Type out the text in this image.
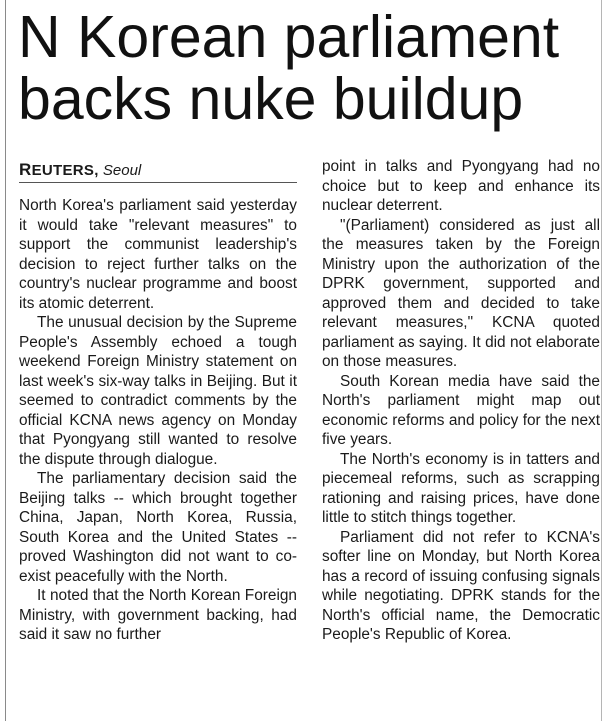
N Korean parliament
backs nuke buildup
REUTERS, Seoul

North Korea's parliament said yesterday it would take "relevant measures" to support the communist leadership's decision to reject further talks on the country's nuclear programme and boost its atomic deterrent.

The unusual decision by the Supreme People's Assembly echoed a tough weekend Foreign Ministry statement on last week's six-way talks in Beijing. But it seemed to contradict comments by the official KCNA news agency on Monday that Pyongyang still wanted to resolve the dispute through dialogue.

The parliamentary decision said the Beijing talks -- which brought together China, Japan, North Korea, Russia, South Korea and the United States -- proved Washington did not want to co-exist peacefully with the North.

It noted that the North Korean Foreign Ministry, with government backing, had said it saw no further

point in talks and Pyongyang had no choice but to keep and enhance its nuclear deterrent.

"(Parliament) considered as just all the measures taken by the Foreign Ministry upon the authorization of the DPRK government, supported and approved them and decided to take relevant measures," KCNA quoted parliament as saying. It did not elaborate on those measures.

South Korean media have said the North's parliament might map out economic reforms and policy for the next five years.

The North's economy is in tatters and piecemeal reforms, such as scrapping rationing and raising prices, have done little to stitch things together.

Parliament did not refer to KCNA's softer line on Monday, but North Korea has a record of issuing confusing signals while negotiating. DPRK stands for the North's official name, the Democratic People's Republic of Korea.
